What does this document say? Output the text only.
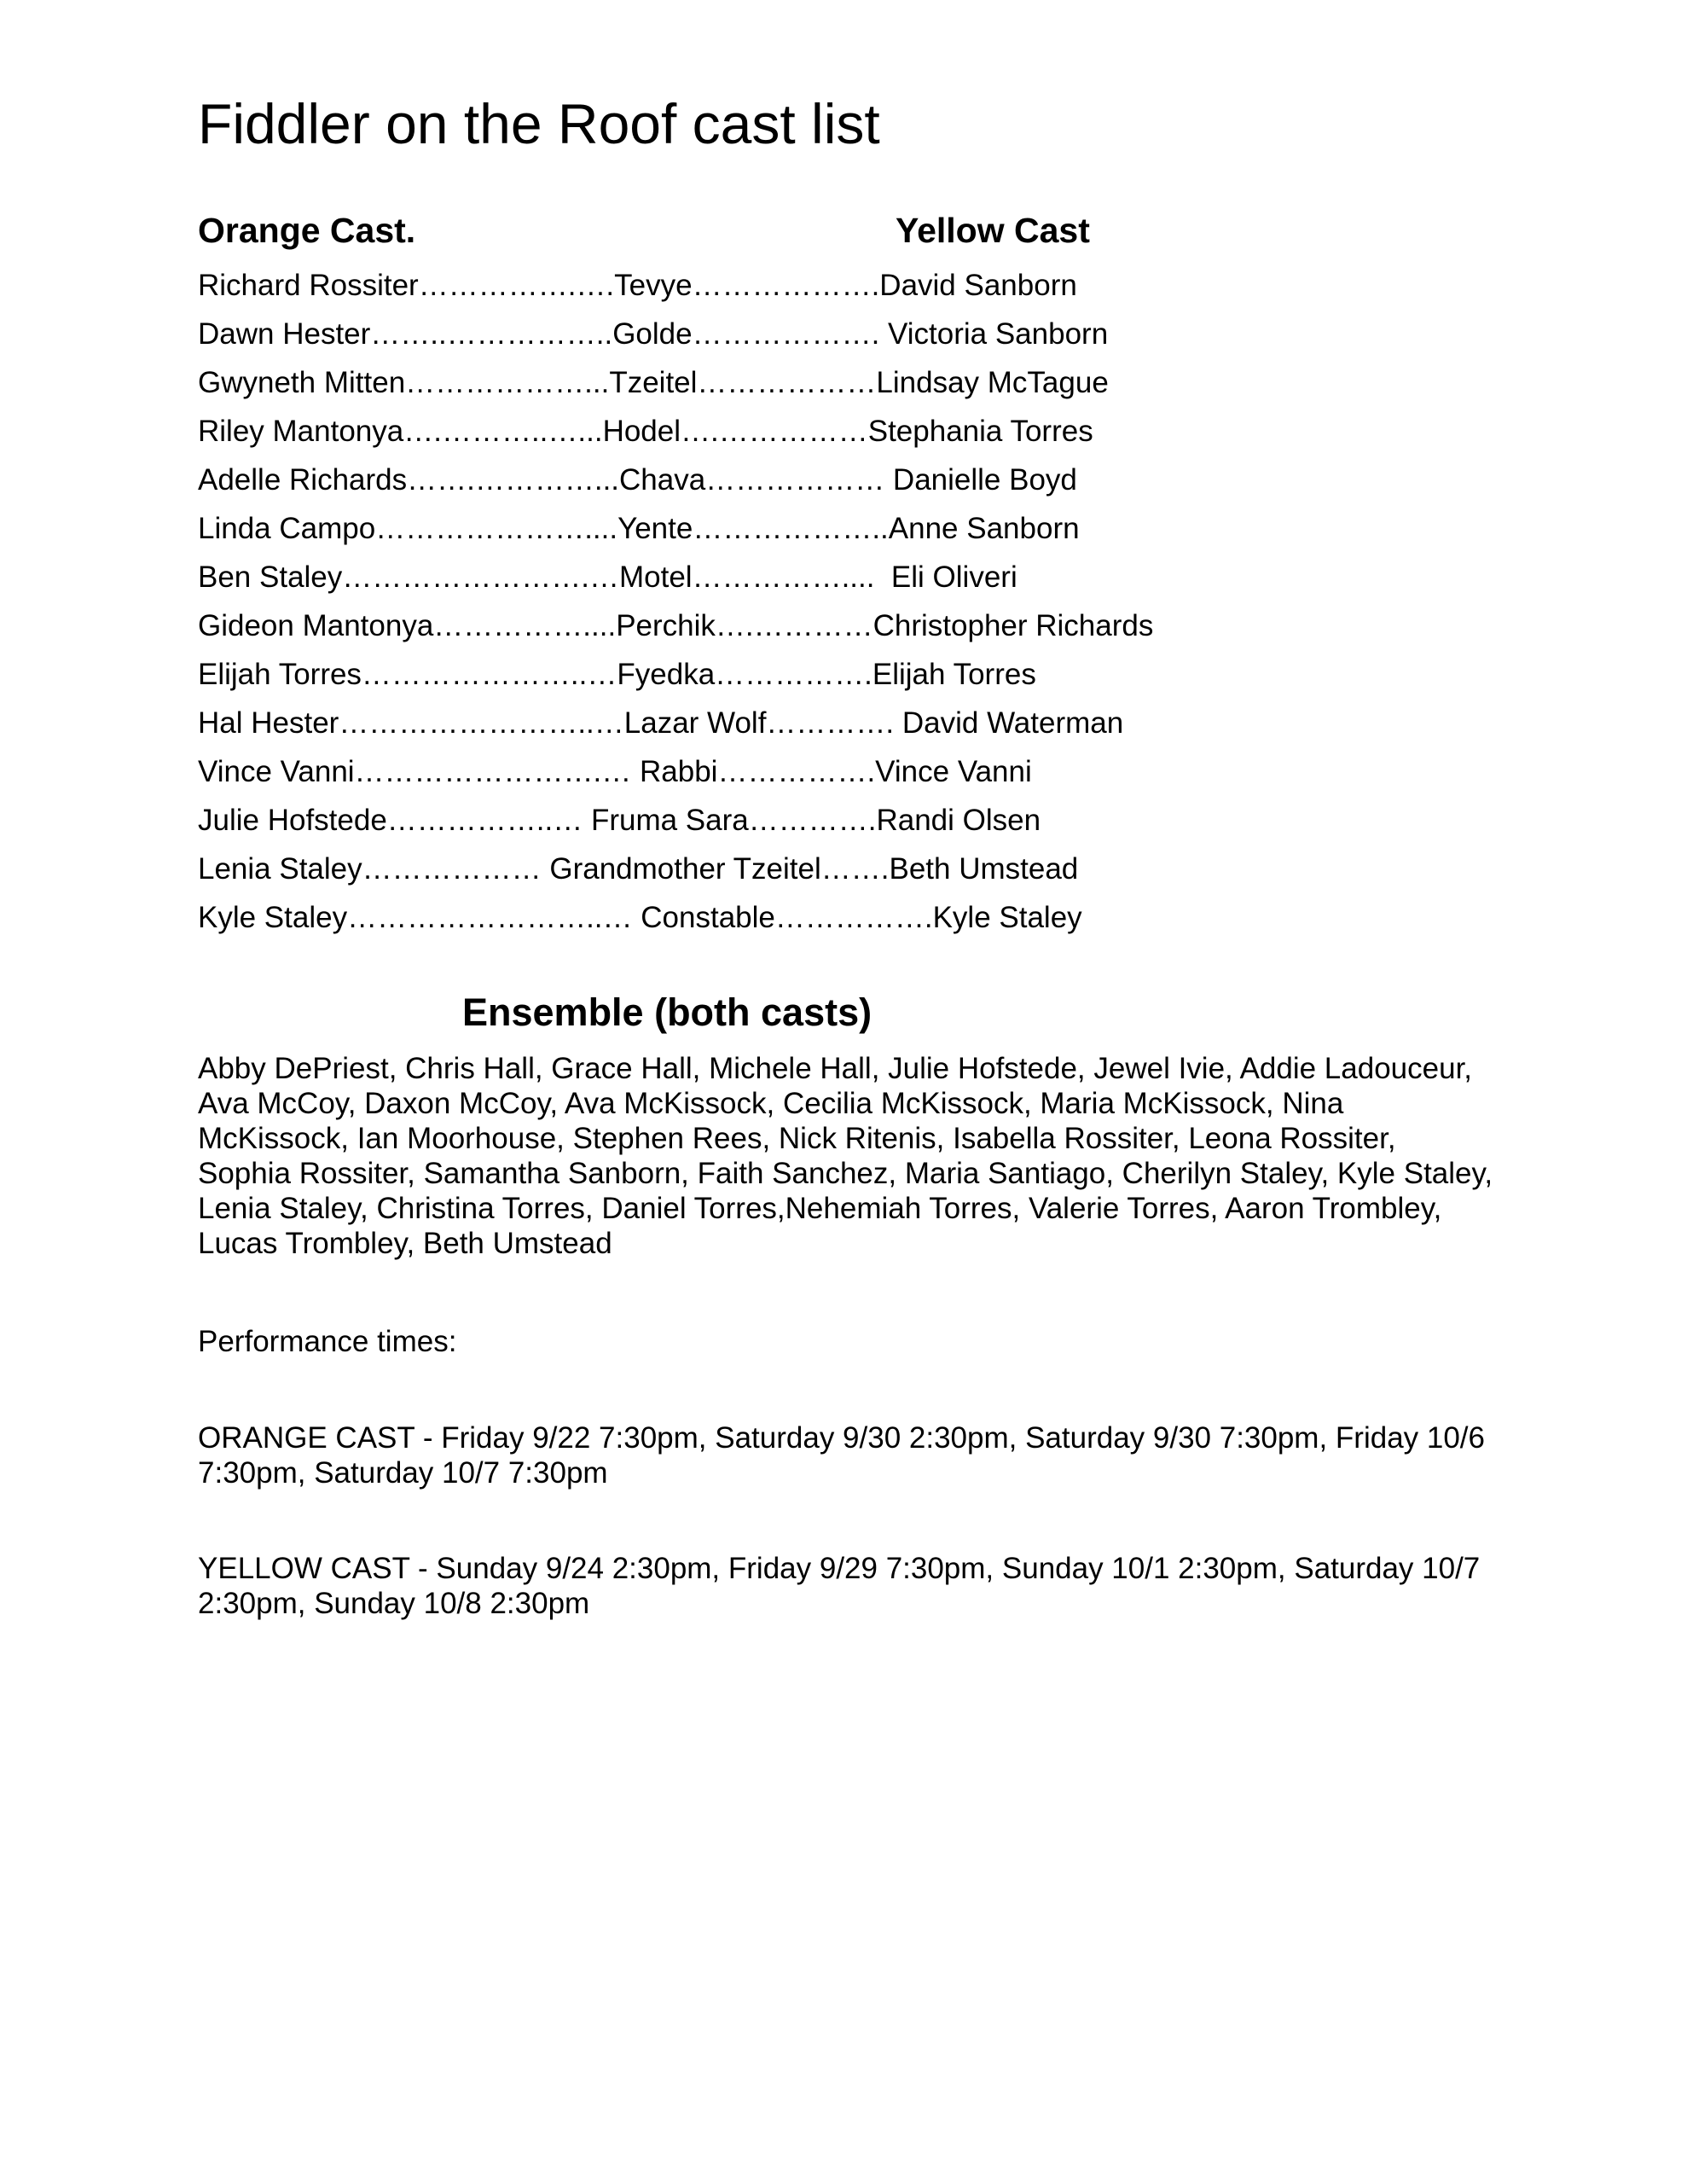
Fiddler on the Roof cast list
Orange Cast.	Yellow Cast
Richard Rossiter…………….….Tevye……………….David Sanborn
Dawn Hester……..……………..Golde………………. Victoria Sanborn
Gwyneth Mitten………………...Tzeitel………………Lindsay McTague
Riley Mantonya….………..…...Hodel….……………Stephania Torres
Adelle Richards…….…………...Chava……………… Danielle Boyd
Linda Campo…………………....Yente………………..Anne Sanborn
Ben Staley…………………….…Motel……………....  Eli Oliveri
Gideon Mantonya……………....Perchik….…………Christopher Richards
Elijah Torres…………………..…Fyedka…………….Elijah Torres
Hal Hester……………………..…Lazar Wolf…………. David Waterman
Vince Vanni…………………….… Rabbi…………….Vince Vanni
Julie Hofstede……………..… Fruma Sara………….Randi Olsen
Lenia Staley……………… Grandmother Tzeitel…….Beth Umstead
Kyle Staley……………………..… Constable…………….Kyle Staley
Ensemble (both casts)
Abby DePriest, Chris Hall, Grace Hall, Michele Hall, Julie Hofstede, Jewel Ivie, Addie Ladouceur, Ava McCoy, Daxon McCoy, Ava McKissock, Cecilia McKissock, Maria McKissock, Nina McKissock, Ian Moorhouse, Stephen Rees, Nick Ritenis, Isabella Rossiter, Leona Rossiter, Sophia Rossiter, Samantha Sanborn, Faith Sanchez, Maria Santiago, Cherilyn Staley, Kyle Staley, Lenia Staley, Christina Torres, Daniel Torres,Nehemiah Torres, Valerie Torres, Aaron Trombley, Lucas Trombley, Beth Umstead
Performance times:
ORANGE CAST - Friday 9/22 7:30pm, Saturday 9/30 2:30pm, Saturday 9/30 7:30pm, Friday 10/6 7:30pm, Saturday 10/7 7:30pm
YELLOW CAST - Sunday 9/24 2:30pm, Friday 9/29 7:30pm, Sunday 10/1 2:30pm, Saturday 10/7 2:30pm, Sunday 10/8 2:30pm
